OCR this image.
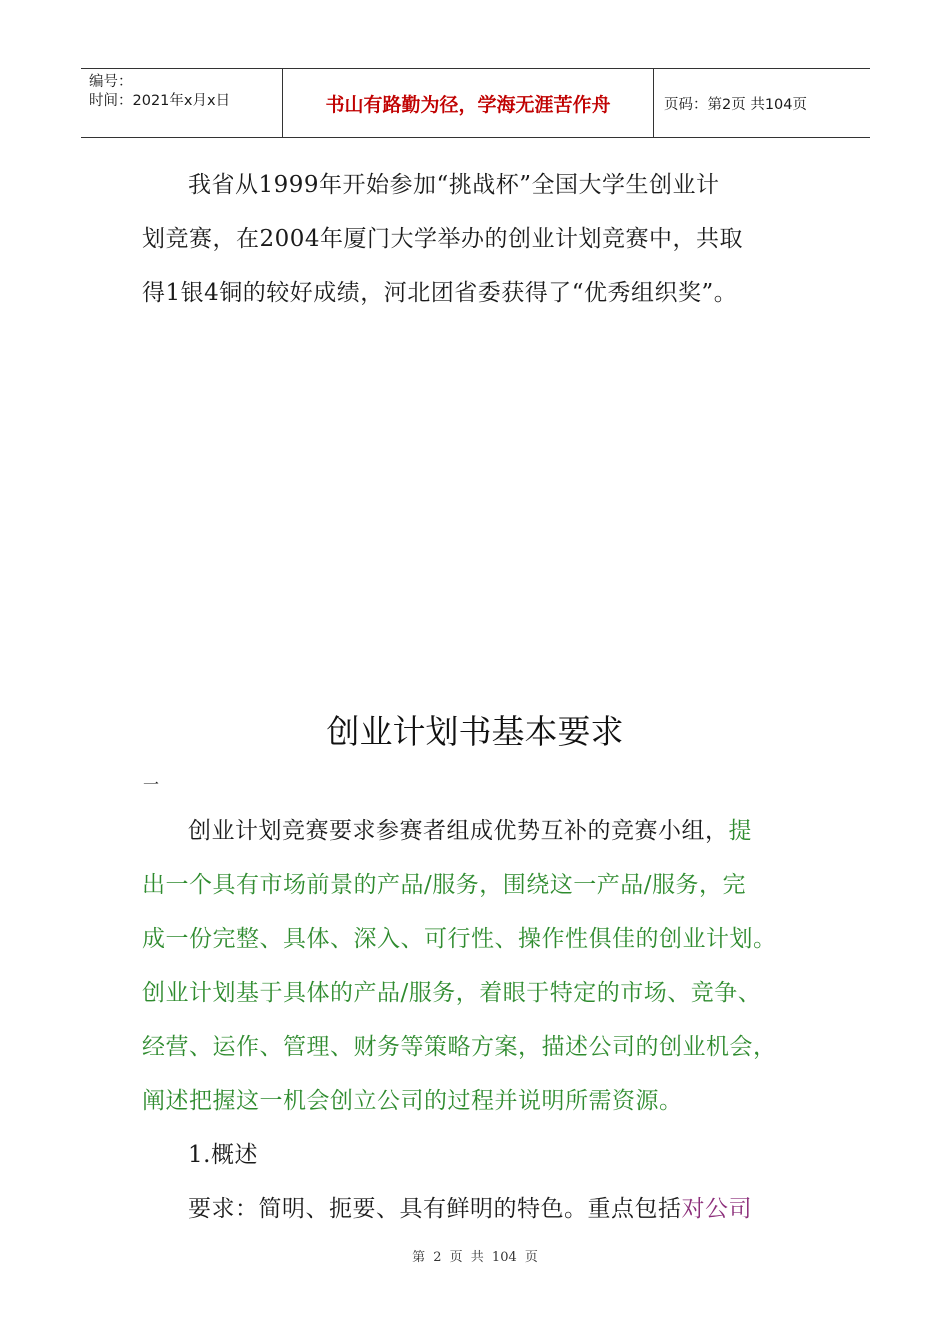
编号：
时间：2021年x月x日	书山有路勤为径，学海无涯苦作舟	页码：第2页 共104页

我省从1999年开始参加“挑战杯”全国大学生创业计

划竞赛，在2004年厦门大学举办的创业计划竞赛中，共取

得1银4铜的较好成绩，河北团省委获得了“优秀组织奖”。

创业计划书基本要求
一

创业计划竞赛要求参赛者组成优势互补的竞赛小组，提

出一个具有市场前景的产品/服务，围绕这一产品/服务，完

成一份完整、具体、深入、可行性、操作性俱佳的创业计划。

创业计划基于具体的产品/服务，着眼于特定的市场、竞争、

经营、运作、管理、财务等策略方案，描述公司的创业机会，

阐述把握这一机会创立公司的过程并说明所需资源。

1.概述

要求：简明、扼要、具有鲜明的特色。重点包括对公司

第 2 页 共 104 页
